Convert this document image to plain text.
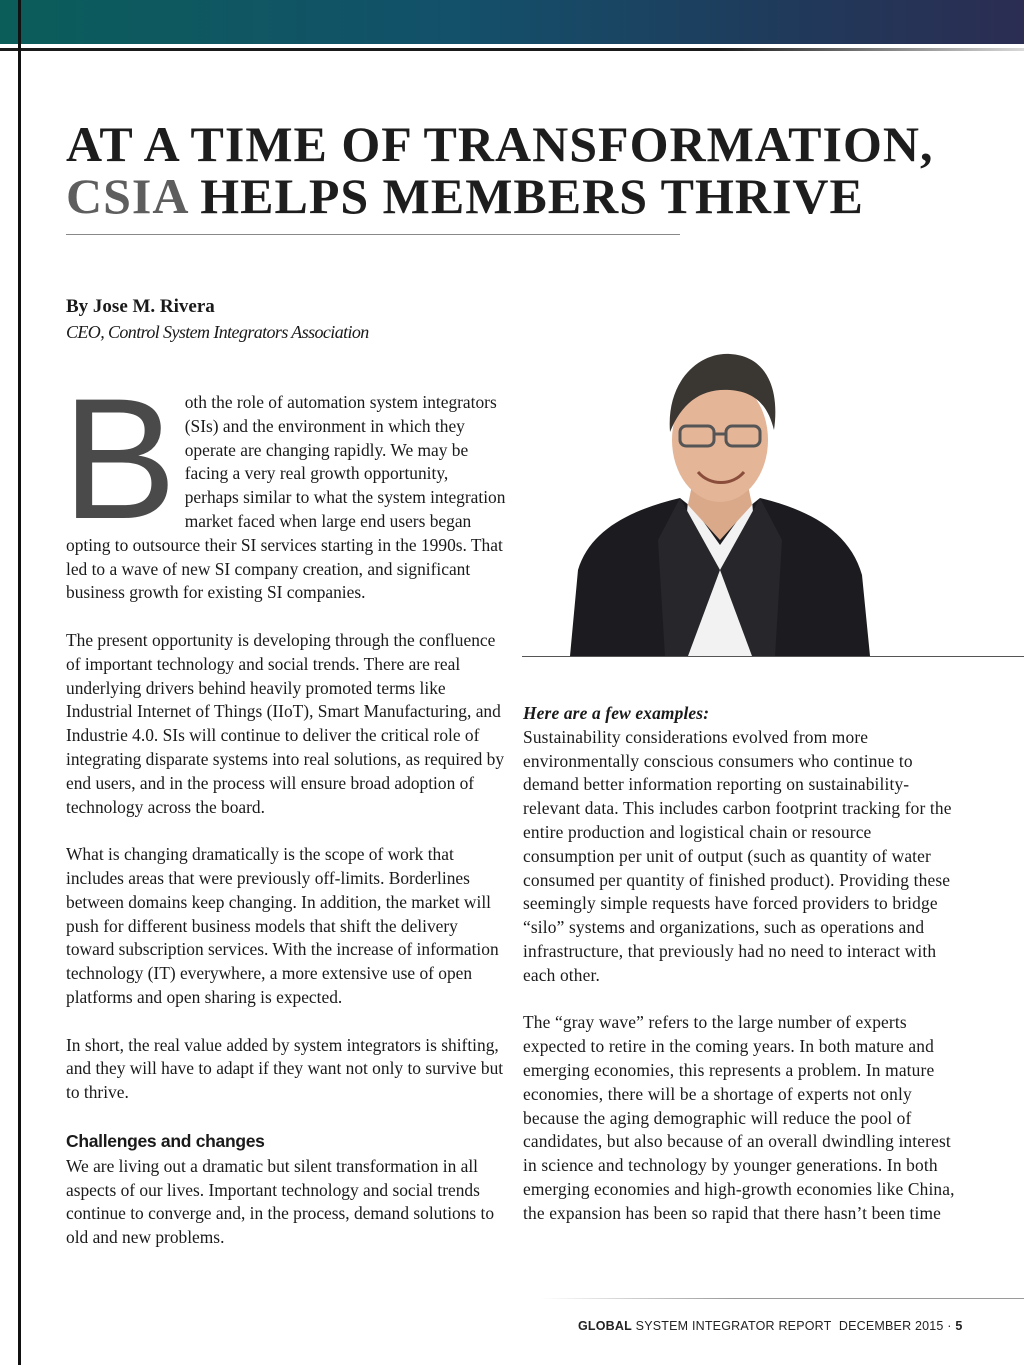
AT A TIME OF TRANSFORMATION,
CSIA HELPS MEMBERS THRIVE

By Jose M. Rivera

CEO, Control System Integrators Association

Both the role of automation system integrators (SIs) and the environment in which they operate are changing rapidly. We may be facing a very real growth opportunity, perhaps similar to what the system integration market faced when large end users began opting to outsource their SI services starting in the 1990s. That led to a wave of new SI company creation, and significant business growth for existing SI companies.

The present opportunity is developing through the confluence of important technology and social trends. There are real underlying drivers behind heavily promoted terms like Industrial Internet of Things (IIoT), Smart Manufacturing, and Industrie 4.0. SIs will continue to deliver the critical role of integrating disparate systems into real solutions, as required by end users, and in the process will ensure broad adoption of technology across the board.

What is changing dramatically is the scope of work that includes areas that were previously off-limits. Borderlines between domains keep changing. In addition, the market will push for different business models that shift the delivery toward subscription services. With the increase of information technology (IT) everywhere, a more extensive use of open platforms and open sharing is expected.

In short, the real value added by system integrators is shifting, and they will have to adapt if they want not only to survive but to thrive.

Challenges and changes

We are living out a dramatic but silent transformation in all aspects of our lives. Important technology and social trends continue to converge and, in the process, demand solutions to old and new problems.

Here are a few examples:

Sustainability considerations evolved from more environmentally conscious consumers who continue to demand better information reporting on sustainability-relevant data. This includes carbon footprint tracking for the entire production and logistical chain or resource consumption per unit of output (such as quantity of water consumed per quantity of finished product). Providing these seemingly simple requests have forced providers to bridge “silo” systems and organizations, such as operations and infrastructure, that previously had no need to interact with each other.

The “gray wave” refers to the large number of experts expected to retire in the coming years. In both mature and emerging economies, this represents a problem. In mature economies, there will be a shortage of experts not only because the aging demographic will reduce the pool of candidates, but also because of an overall dwindling interest in science and technology by younger generations. In both emerging economies and high-growth economies like China, the expansion has been so rapid that there hasn’t been time

GLOBAL SYSTEM INTEGRATOR REPORT DECEMBER 2015 · 5
